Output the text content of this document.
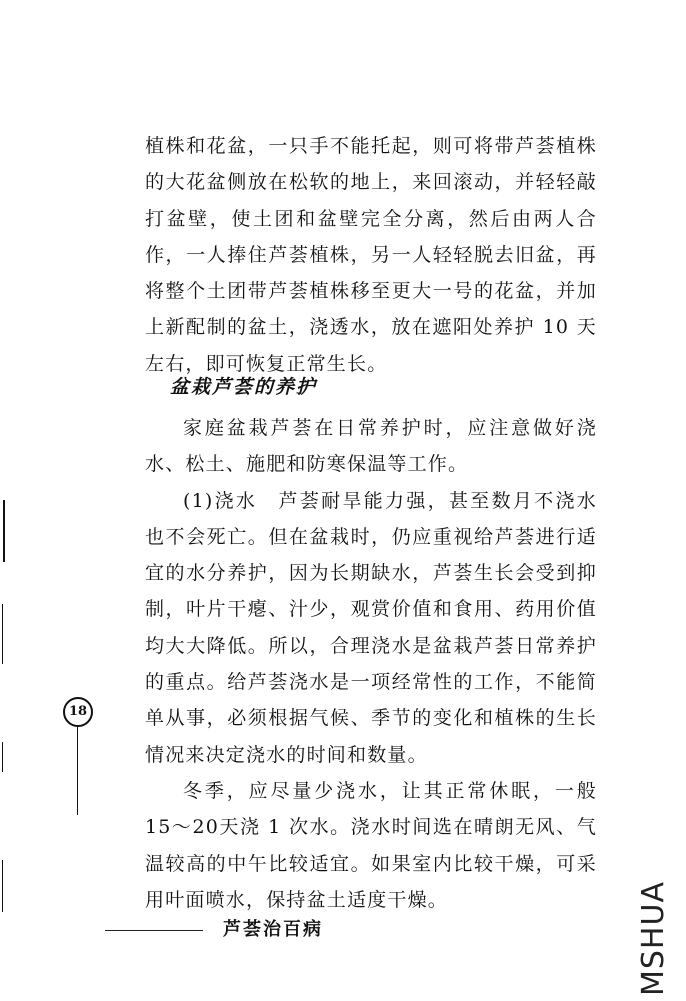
植株和花盆，一只手不能托起，则可将带芦荟植株的大花盆侧放在松软的地上，来回滚动，并轻轻敲打盆壁，使土团和盆壁完全分离，然后由两人合作，一人捧住芦荟植株，另一人轻轻脱去旧盆，再将整个土团带芦荟植株移至更大一号的花盆，并加上新配制的盆土，浇透水，放在遮阳处养护 10 天左右，即可恢复正常生长。

盆栽芦荟的养护

家庭盆栽芦荟在日常养护时，应注意做好浇水、松土、施肥和防寒保温等工作。

(1)浇水　芦荟耐旱能力强，甚至数月不浇水也不会死亡。但在盆栽时，仍应重视给芦荟进行适宜的水分养护，因为长期缺水，芦荟生长会受到抑制，叶片干瘪、汁少，观赏价值和食用、药用价值均大大降低。所以，合理浇水是盆栽芦荟日常养护的重点。给芦荟浇水是一项经常性的工作，不能简单从事，必须根据气候、季节的变化和植株的生长情况来决定浇水的时间和数量。

冬季，应尽量少浇水，让其正常休眠，一般 15～20天浇 1 次水。浇水时间选在晴朗无风、气温较高的中午比较适宜。如果室内比较干燥，可采用叶面喷水，保持盆土适度干燥。

18
芦荟治百病	MSHUA
